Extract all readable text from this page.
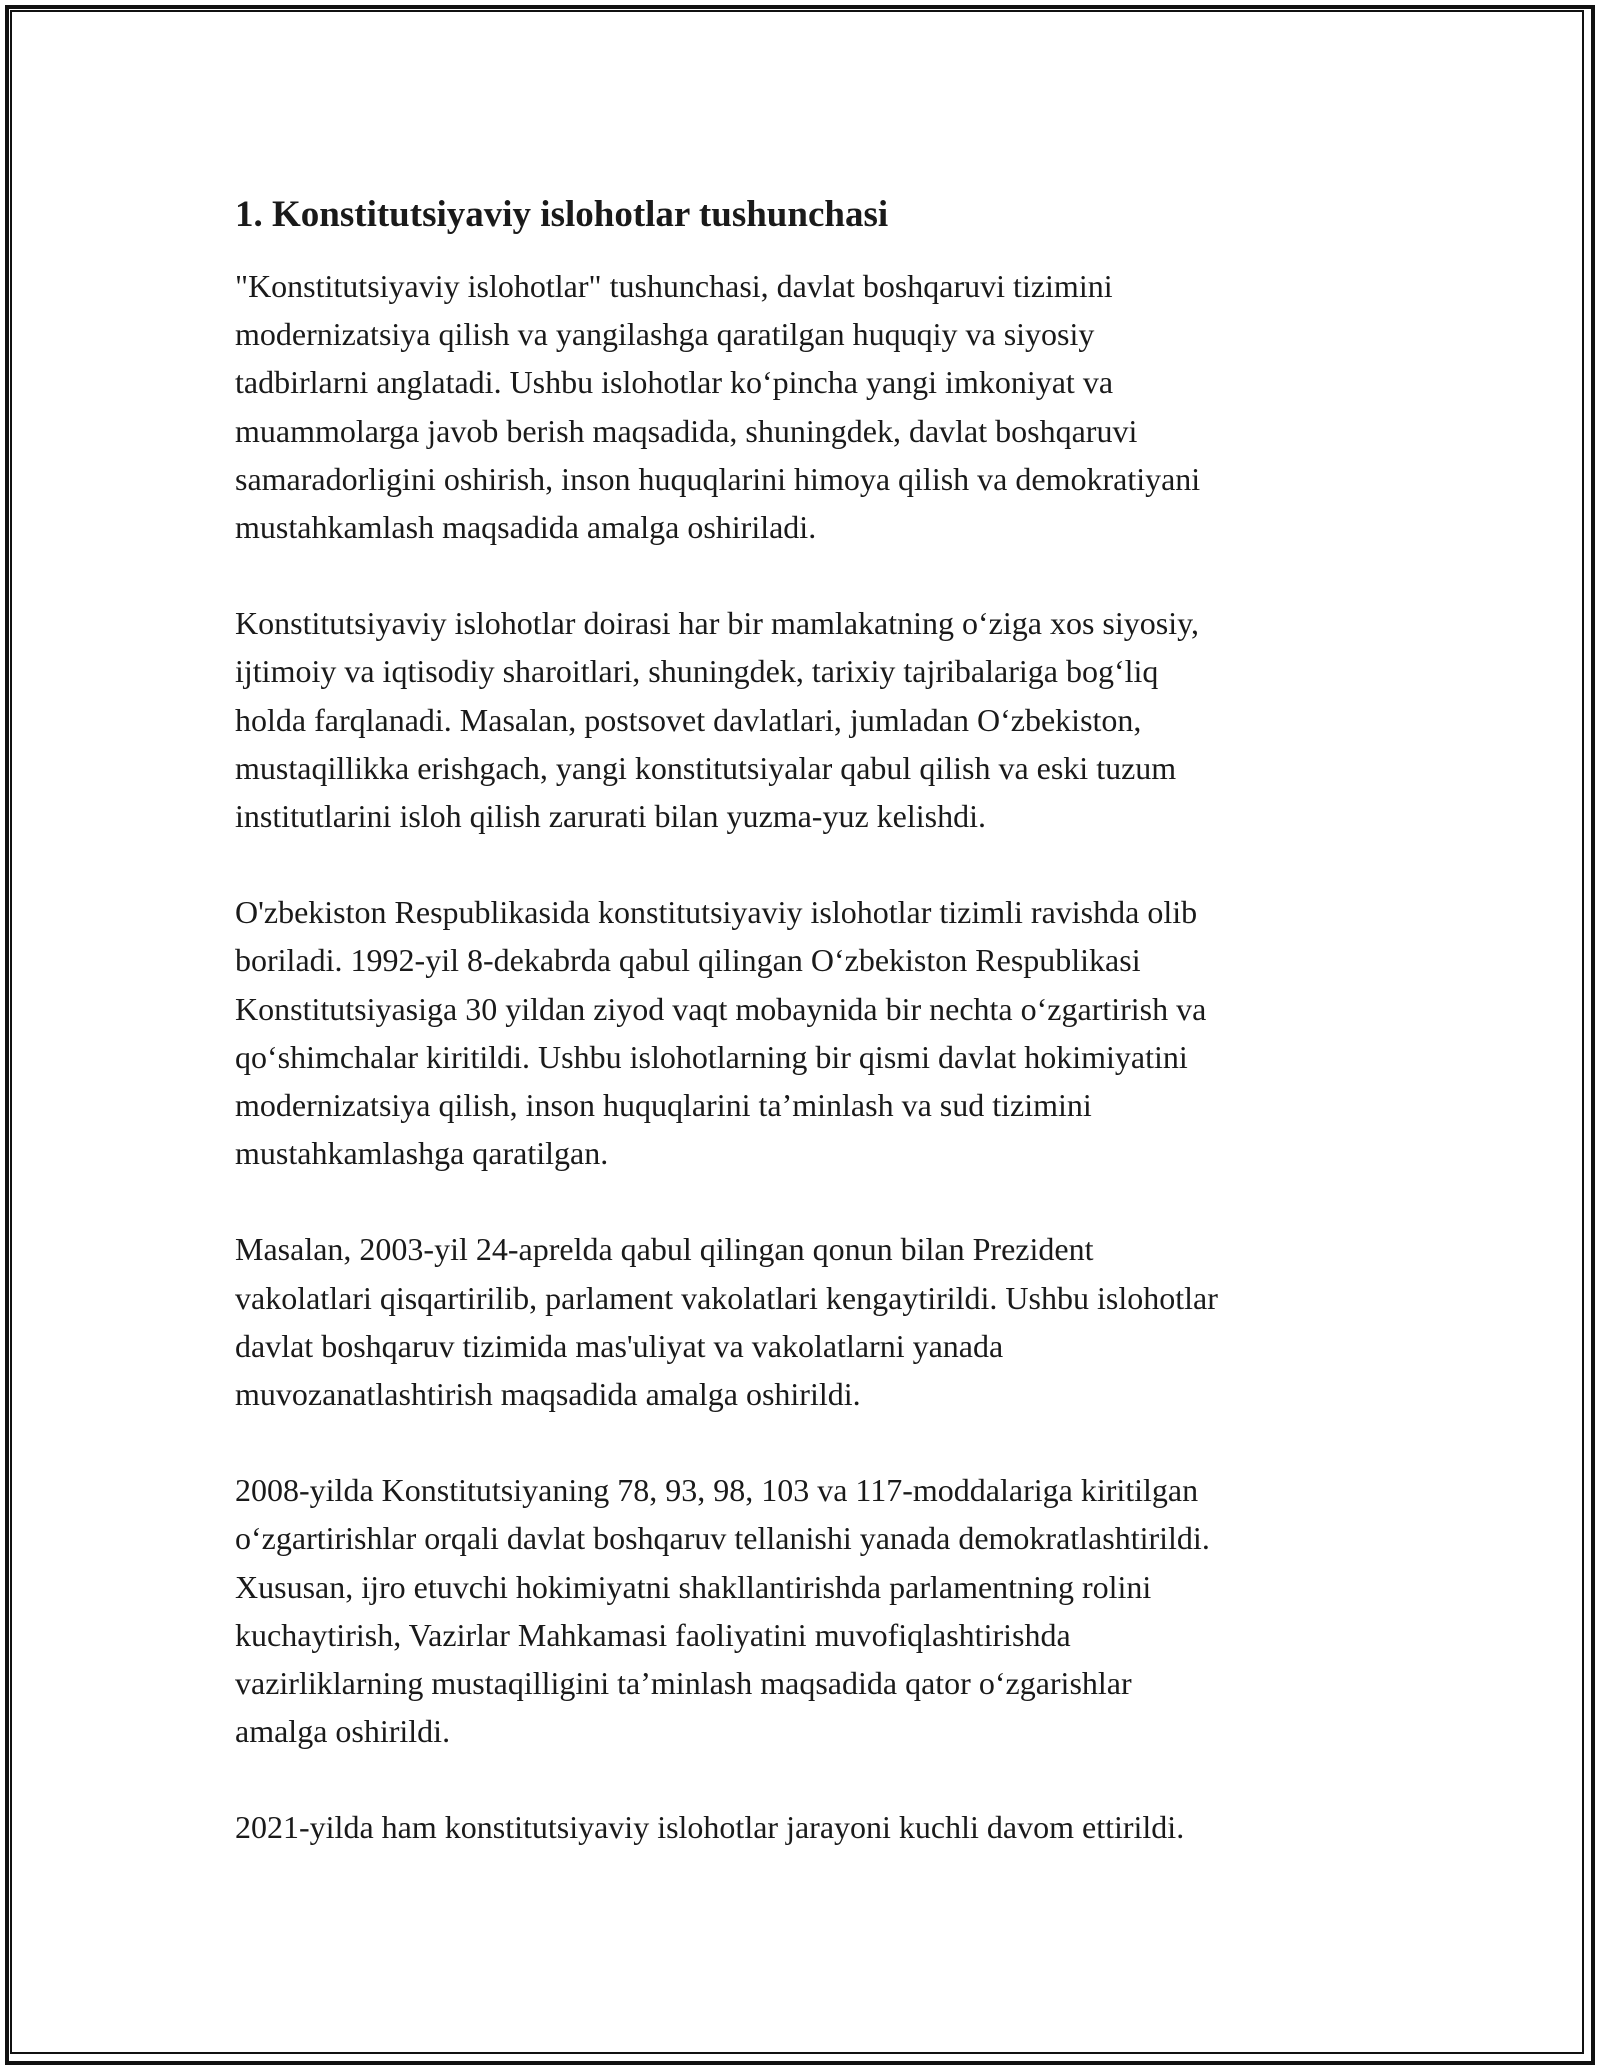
1. Konstitutsiyaviy islohotlar tushunchasi

"Konstitutsiyaviy islohotlar" tushunchasi, davlat boshqaruvi tizimini
modernizatsiya qilish va yangilashga qaratilgan huquqiy va siyosiy
tadbirlarni anglatadi. Ushbu islohotlar ko‘pincha yangi imkoniyat va
muammolarga javob berish maqsadida, shuningdek, davlat boshqaruvi
samaradorligini oshirish, inson huquqlarini himoya qilish va demokratiyani
mustahkamlash maqsadida amalga oshiriladi.

Konstitutsiyaviy islohotlar doirasi har bir mamlakatning o‘ziga xos siyosiy,
ijtimoiy va iqtisodiy sharoitlari, shuningdek, tarixiy tajribalariga bog‘liq
holda farqlanadi. Masalan, postsovet davlatlari, jumladan O‘zbekiston,
mustaqillikka erishgach, yangi konstitutsiyalar qabul qilish va eski tuzum
institutlarini isloh qilish zarurati bilan yuzma-yuz kelishdi.

O'zbekiston Respublikasida konstitutsiyaviy islohotlar tizimli ravishda olib
boriladi. 1992-yil 8-dekabrda qabul qilingan O‘zbekiston Respublikasi
Konstitutsiyasiga 30 yildan ziyod vaqt mobaynida bir nechta o‘zgartirish va
qo‘shimchalar kiritildi. Ushbu islohotlarning bir qismi davlat hokimiyatini
modernizatsiya qilish, inson huquqlarini ta’minlash va sud tizimini
mustahkamlashga qaratilgan.

Masalan, 2003-yil 24-aprelda qabul qilingan qonun bilan Prezident
vakolatlari qisqartirilib, parlament vakolatlari kengaytirildi. Ushbu islohotlar
davlat boshqaruv tizimida mas'uliyat va vakolatlarni yanada
muvozanatlashtirish maqsadida amalga oshirildi.

2008-yilda Konstitutsiyaning 78, 93, 98, 103 va 117-moddalariga kiritilgan
o‘zgartirishlar orqali davlat boshqaruv tellanishi yanada demokratlashtirildi.
Xususan, ijro etuvchi hokimiyatni shakllantirishda parlamentning rolini
kuchaytirish, Vazirlar Mahkamasi faoliyatini muvofiqlashtirishda
vazirliklarning mustaqilligini ta’minlash maqsadida qator o‘zgarishlar
amalga oshirildi.

2021-yilda ham konstitutsiyaviy islohotlar jarayoni kuchli davom ettirildi.
